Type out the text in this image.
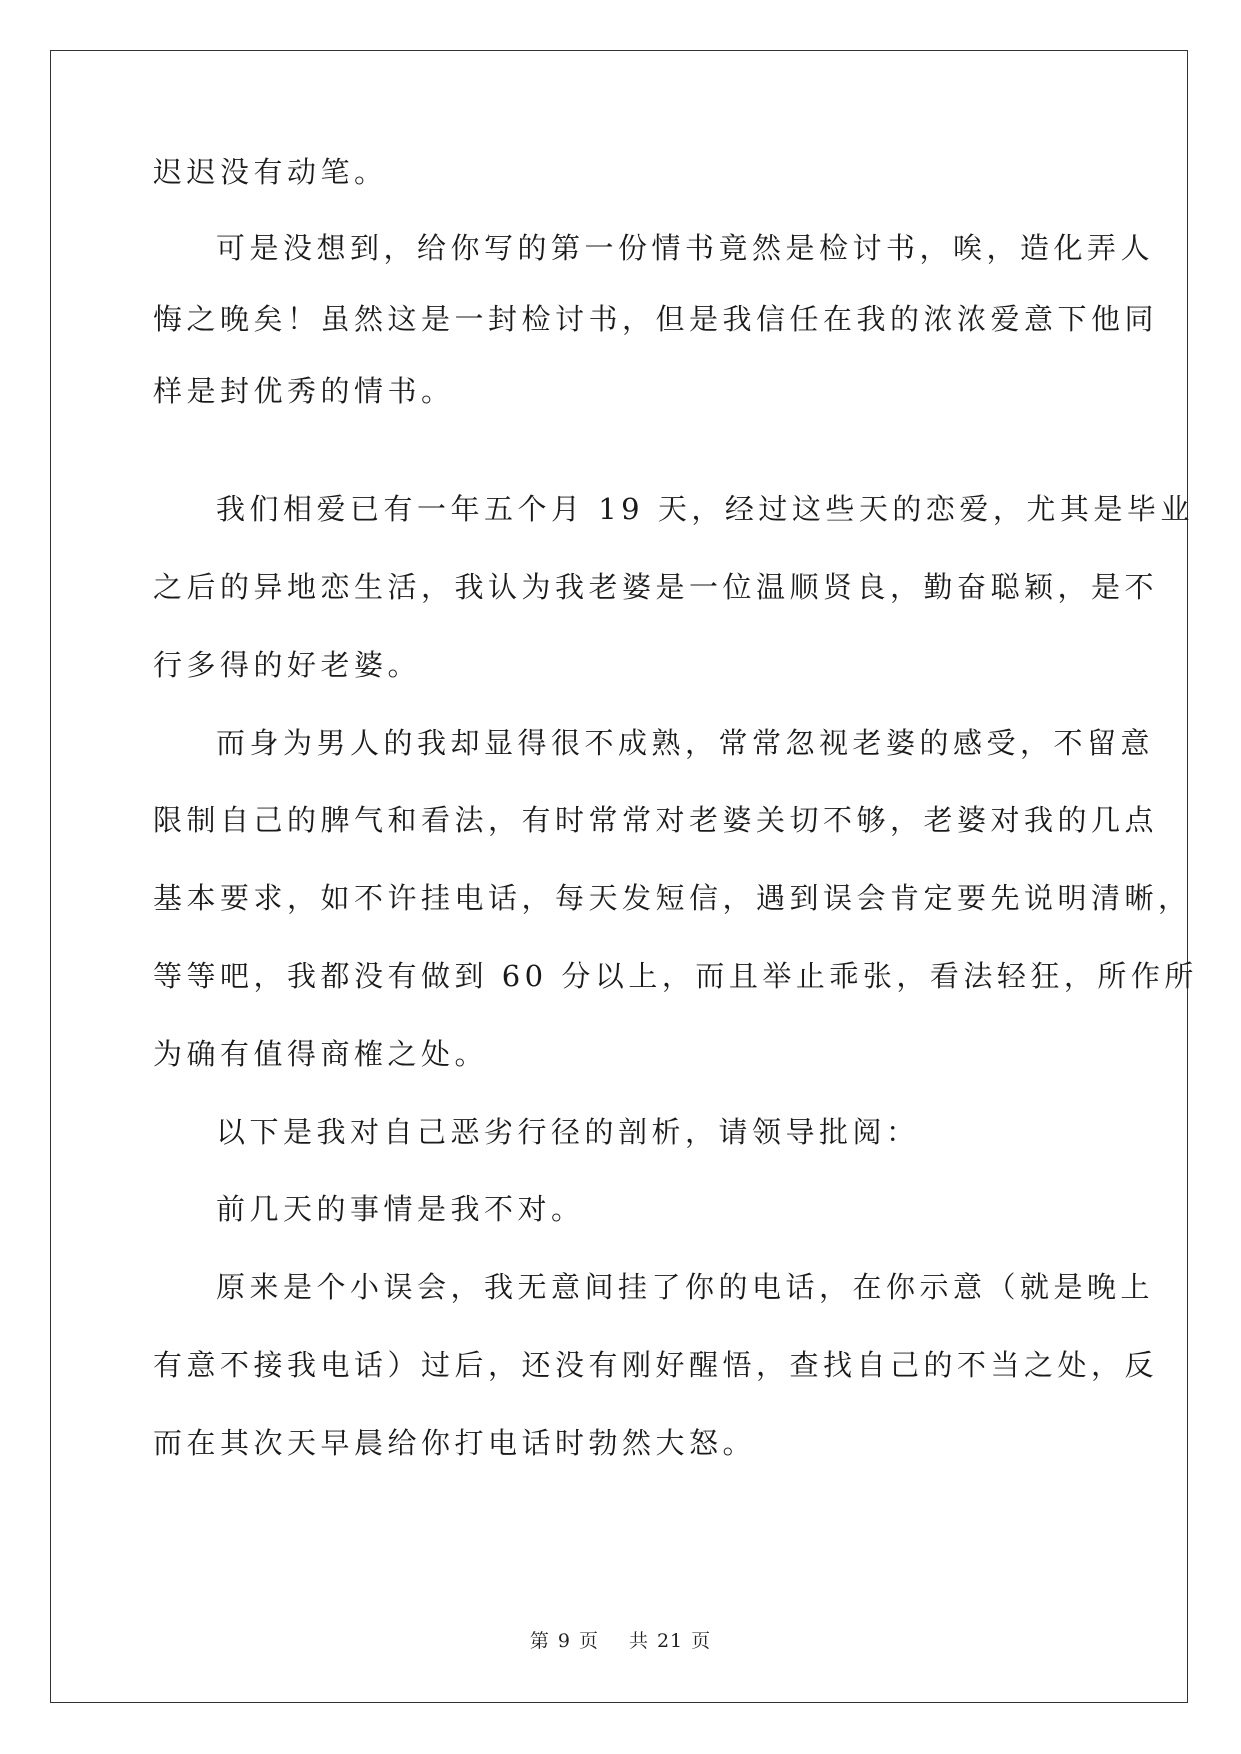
迟迟没有动笔。

可是没想到，给你写的第一份情书竟然是检讨书，唉，造化弄人

悔之晚矣！虽然这是一封检讨书，但是我信任在我的浓浓爱意下他同

样是封优秀的情书。

我们相爱已有一年五个月 19 天，经过这些天的恋爱，尤其是毕业

之后的异地恋生活，我认为我老婆是一位温顺贤良，勤奋聪颖，是不

行多得的好老婆。

而身为男人的我却显得很不成熟，常常忽视老婆的感受，不留意

限制自己的脾气和看法，有时常常对老婆关切不够，老婆对我的几点

基本要求，如不许挂电话，每天发短信，遇到误会肯定要先说明清晰，

等等吧，我都没有做到 60 分以上，而且举止乖张，看法轻狂，所作所

为确有值得商榷之处。

以下是我对自己恶劣行径的剖析，请领导批阅：

前几天的事情是我不对。

原来是个小误会，我无意间挂了你的电话，在你示意（就是晚上

有意不接我电话）过后，还没有刚好醒悟，查找自己的不当之处，反

而在其次天早晨给你打电话时勃然大怒。

第 9 页 共 21 页
